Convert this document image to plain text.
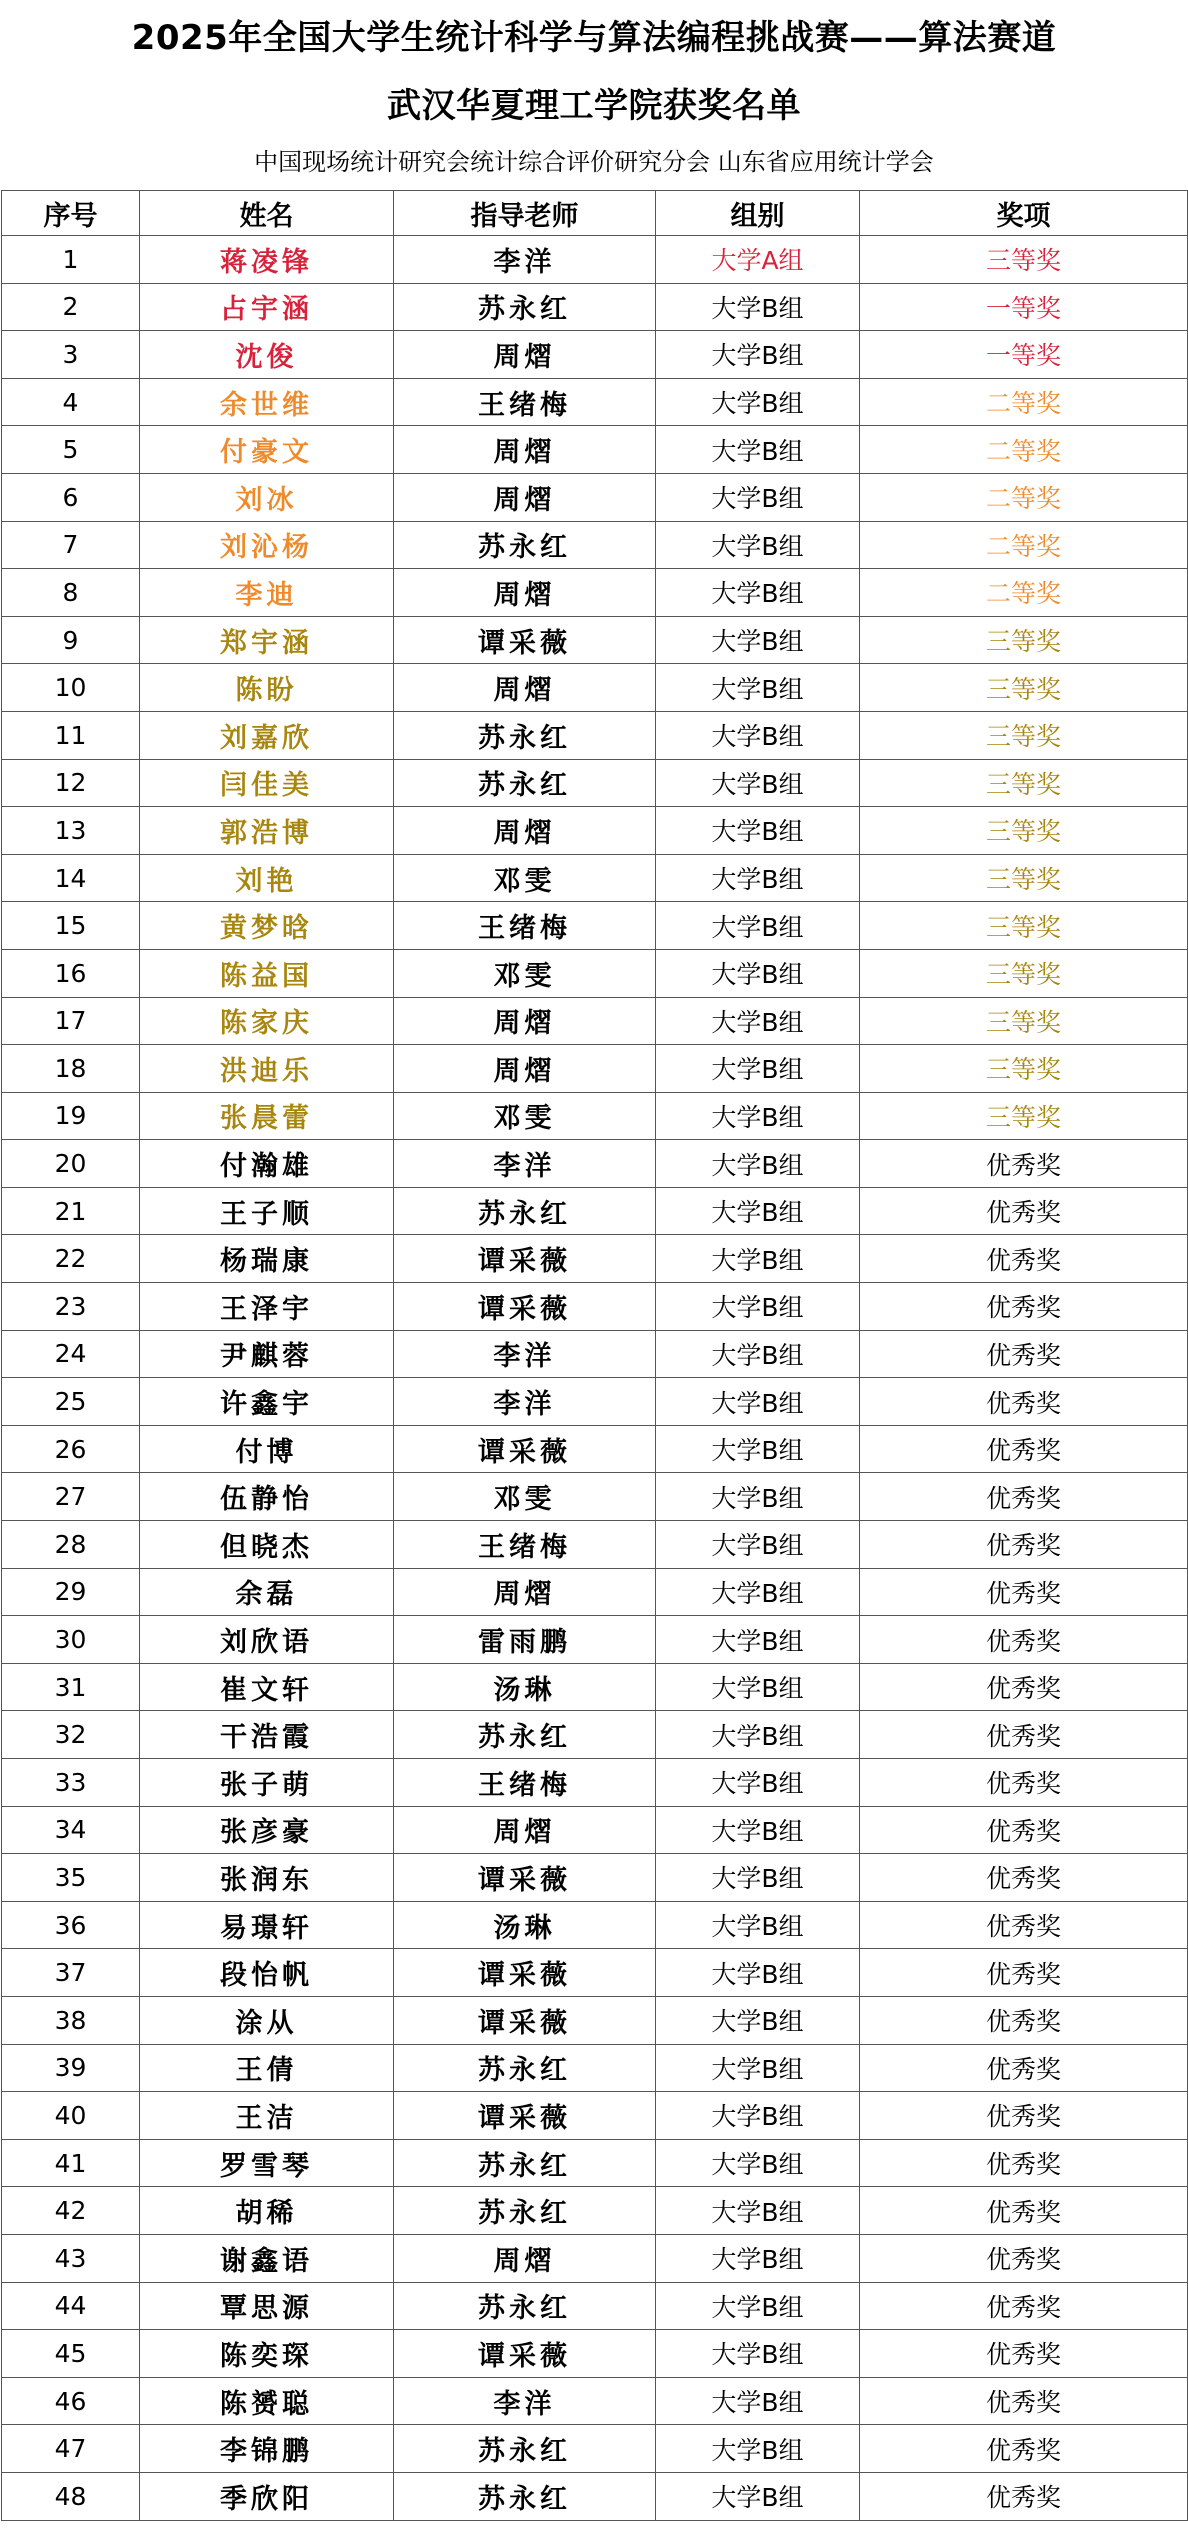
2025年全国大学生统计科学与算法编程挑战赛——算法赛道
武汉华夏理工学院获奖名单
中国现场统计研究会统计综合评价研究分会 山东省应用统计学会
序号	姓名	指导老师	组别	奖项
1	蒋凌锋	李洋	大学A组	三等奖
2	占宇涵	苏永红	大学B组	一等奖
3	沈俊	周熠	大学B组	一等奖
4	余世维	王绪梅	大学B组	二等奖
5	付豪文	周熠	大学B组	二等奖
6	刘冰	周熠	大学B组	二等奖
7	刘沁杨	苏永红	大学B组	二等奖
8	李迪	周熠	大学B组	二等奖
9	郑宇涵	谭采薇	大学B组	三等奖
10	陈盼	周熠	大学B组	三等奖
11	刘嘉欣	苏永红	大学B组	三等奖
12	闫佳美	苏永红	大学B组	三等奖
13	郭浩博	周熠	大学B组	三等奖
14	刘艳	邓雯	大学B组	三等奖
15	黄梦晗	王绪梅	大学B组	三等奖
16	陈益国	邓雯	大学B组	三等奖
17	陈家庆	周熠	大学B组	三等奖
18	洪迪乐	周熠	大学B组	三等奖
19	张晨蕾	邓雯	大学B组	三等奖
20	付瀚雄	李洋	大学B组	优秀奖
21	王子顺	苏永红	大学B组	优秀奖
22	杨瑞康	谭采薇	大学B组	优秀奖
23	王泽宇	谭采薇	大学B组	优秀奖
24	尹麒蓉	李洋	大学B组	优秀奖
25	许鑫宇	李洋	大学B组	优秀奖
26	付博	谭采薇	大学B组	优秀奖
27	伍静怡	邓雯	大学B组	优秀奖
28	但晓杰	王绪梅	大学B组	优秀奖
29	余磊	周熠	大学B组	优秀奖
30	刘欣语	雷雨鹏	大学B组	优秀奖
31	崔文轩	汤琳	大学B组	优秀奖
32	干浩霞	苏永红	大学B组	优秀奖
33	张子萌	王绪梅	大学B组	优秀奖
34	张彦豪	周熠	大学B组	优秀奖
35	张润东	谭采薇	大学B组	优秀奖
36	易璟轩	汤琳	大学B组	优秀奖
37	段怡帆	谭采薇	大学B组	优秀奖
38	涂从	谭采薇	大学B组	优秀奖
39	王倩	苏永红	大学B组	优秀奖
40	王洁	谭采薇	大学B组	优秀奖
41	罗雪琴	苏永红	大学B组	优秀奖
42	胡稀	苏永红	大学B组	优秀奖
43	谢鑫语	周熠	大学B组	优秀奖
44	覃思源	苏永红	大学B组	优秀奖
45	陈奕琛	谭采薇	大学B组	优秀奖
46	陈赟聪	李洋	大学B组	优秀奖
47	李锦鹏	苏永红	大学B组	优秀奖
48	季欣阳	苏永红	大学B组	优秀奖
